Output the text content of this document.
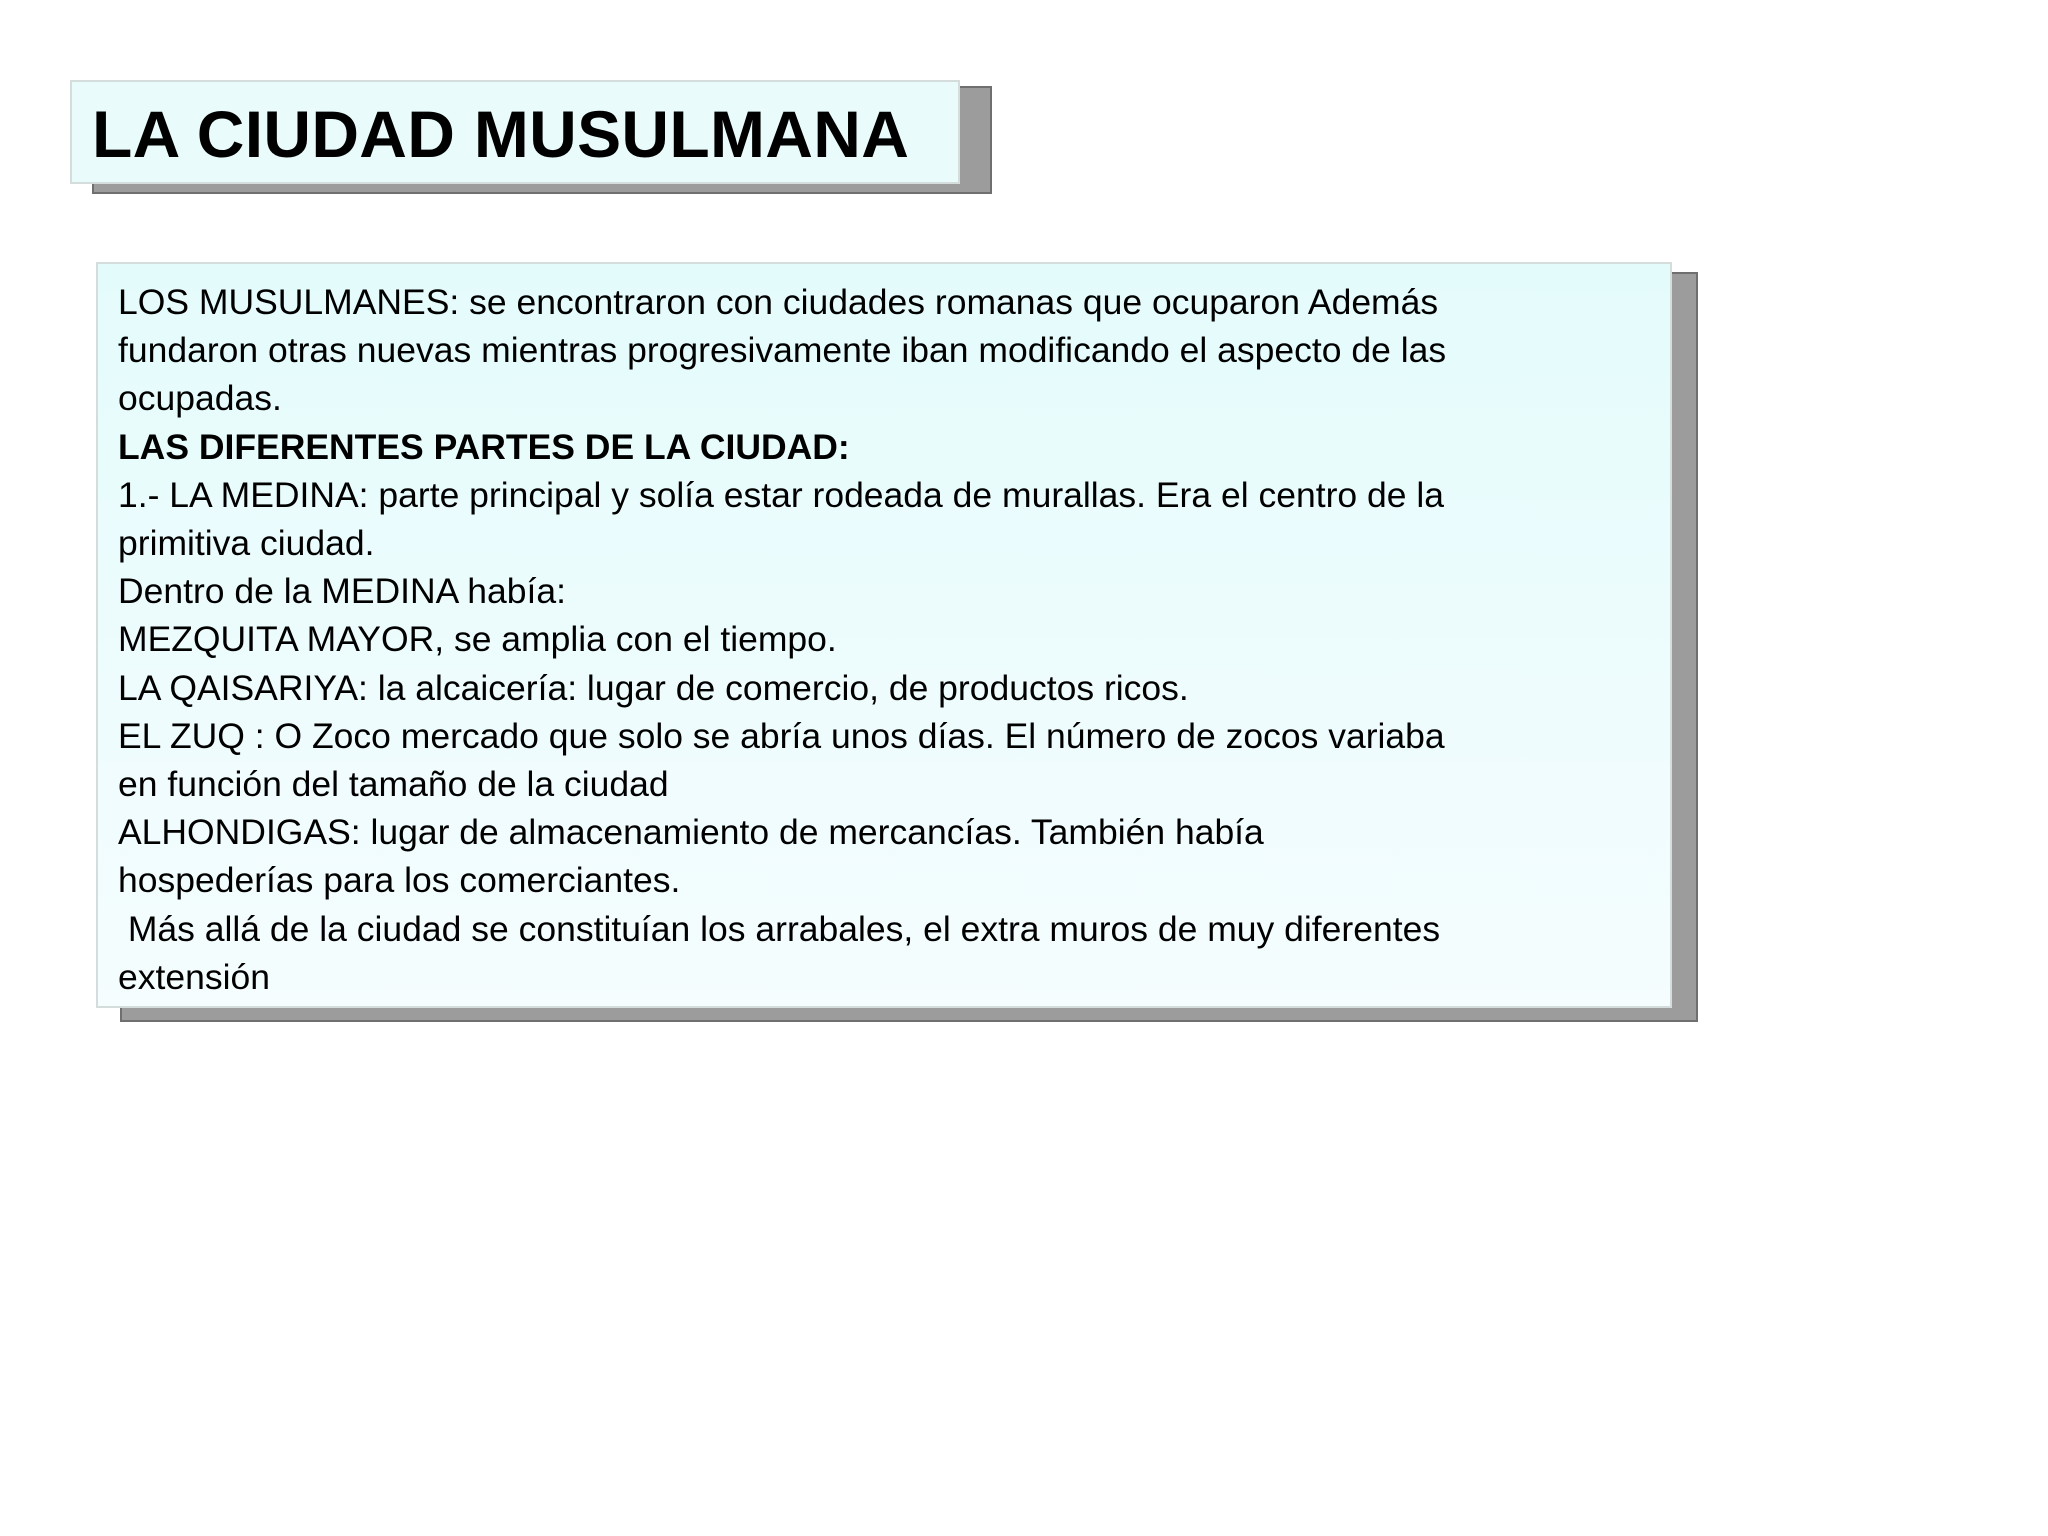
LA CIUDAD MUSULMANA

LOS MUSULMANES: se encontraron con ciudades romanas que ocuparon Además

fundaron otras nuevas mientras progresivamente iban modificando el aspecto de las

ocupadas.

LAS DIFERENTES PARTES DE LA CIUDAD:

1.- LA MEDINA: parte principal y solía estar rodeada de murallas. Era el centro de la

primitiva ciudad.

Dentro de la MEDINA había:

MEZQUITA MAYOR, se amplia con el tiempo.

LA QAISARIYA: la alcaicería: lugar de comercio, de productos ricos.

EL ZUQ : O Zoco mercado que solo se abría unos días. El número de zocos variaba

en función del tamaño de la ciudad

ALHONDIGAS: lugar de almacenamiento de mercancías. También había

hospederías para los comerciantes.

Más allá de la ciudad se constituían los arrabales, el extra muros de muy diferentes

extensión
